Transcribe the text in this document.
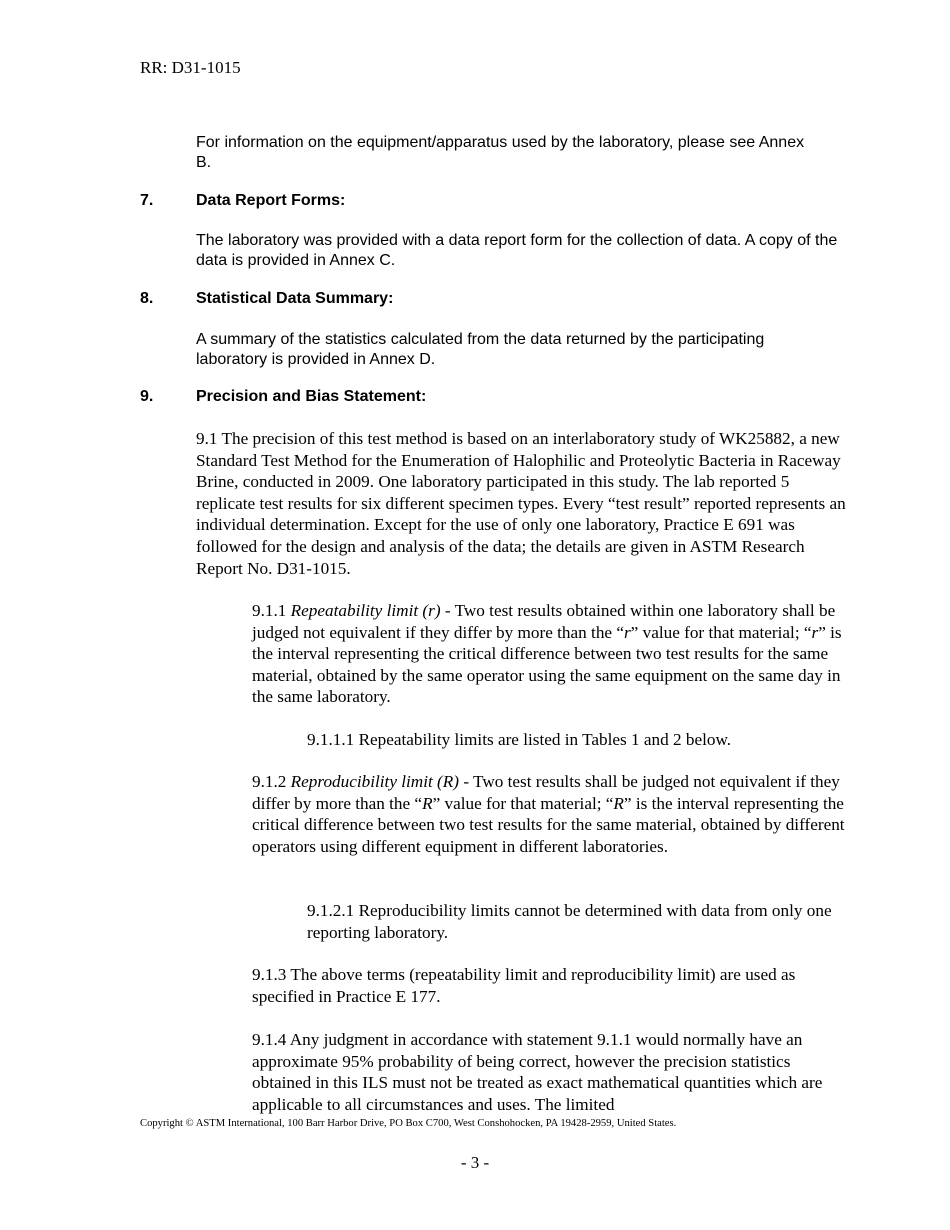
RR: D31-1015
For information on the equipment/apparatus used by the laboratory, please see Annex B.
7.	Data Report Forms:
The laboratory was provided with a data report form for the collection of data. A copy of the data is provided in Annex C.
8.	Statistical Data Summary:
A summary of the statistics calculated from the data returned by the participating laboratory is provided in Annex D.
9.	Precision and Bias Statement:
9.1 The precision of this test method is based on an interlaboratory study of WK25882, a new Standard Test Method for the Enumeration of Halophilic and Proteolytic Bacteria in Raceway Brine, conducted in 2009. One laboratory participated in this study. The lab reported 5 replicate test results for six different specimen types. Every “test result” reported represents an individual determination. Except for the use of only one laboratory, Practice E 691 was followed for the design and analysis of the data; the details are given in ASTM Research Report No. D31-1015.
9.1.1 Repeatability limit (r) - Two test results obtained within one laboratory shall be judged not equivalent if they differ by more than the “r” value for that material; “r” is the interval representing the critical difference between two test results for the same material, obtained by the same operator using the same equipment on the same day in the same laboratory.
9.1.1.1 Repeatability limits are listed in Tables 1 and 2 below.
9.1.2 Reproducibility limit (R) - Two test results shall be judged not equivalent if they differ by more than the “R” value for that material; “R” is the interval representing the critical difference between two test results for the same material, obtained by different operators using different equipment in different laboratories.
9.1.2.1 Reproducibility limits cannot be determined with data from only one reporting laboratory.
9.1.3 The above terms (repeatability limit and reproducibility limit) are used as specified in Practice E 177.
9.1.4 Any judgment in accordance with statement 9.1.1 would normally have an approximate 95% probability of being correct, however the precision statistics obtained in this ILS must not be treated as exact mathematical quantities which are applicable to all circumstances and uses. The limited
Copyright © ASTM International, 100 Barr Harbor Drive, PO Box C700, West Conshohocken, PA 19428-2959, United States.
- 3 -
